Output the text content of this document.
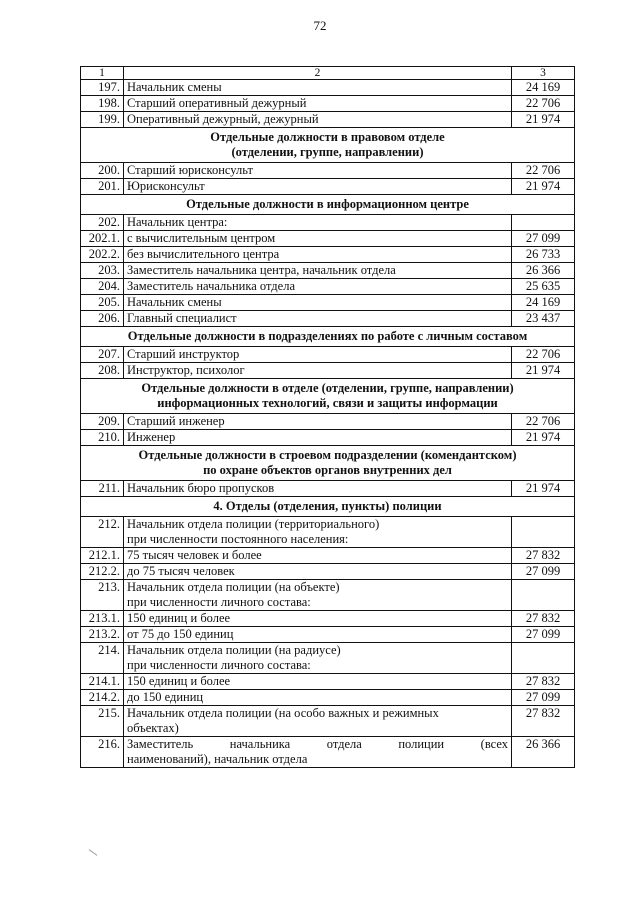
72
1	2	3
197.	Начальник смены	24 169
198.	Старший оперативный дежурный	22 706
199.	Оперативный дежурный, дежурный	21 974

Отдельные должности в правовом отделе
(отделении, группе, направлении)		

200.	Старший юрисконсульт	22 706
201.	Юрисконсульт	21 974

Отдельные должности в информационном центре		

202.	Начальник центра:	

202.1.	с вычислительным центром	27 099
202.2.	без вычислительного центра	26 733
203.	Заместитель начальника центра, начальник отдела	26 366
204.	Заместитель начальника отдела	25 635
205.	Начальник смены	24 169
206.	Главный специалист	23 437

Отдельные должности в подразделениях по работе с личным составом		

207.	Старший инструктор	22 706
208.	Инструктор, психолог	21 974

Отдельные должности в отделе (отделении, группе, направлении)
информационных технологий, связи и защиты информации		

209.	Старший инженер	22 706
210.	Инженер	21 974

Отдельные должности в строевом подразделении (комендантском)
по охране объектов органов внутренних дел		

211.	Начальник бюро пропусков	21 974

4. Отделы (отделения, пункты) полиции		

212.	Начальник отдела полиции (территориального)
при численности постоянного населения:	

212.1.	75 тысяч человек и более	27 832
212.2.	до 75 тысяч человек	27 099
213.	Начальник отдела полиции (на объекте)
при численности личного состава:	

213.1.	150 единиц и более	27 832
213.2.	от 75 до 150 единиц	27 099
214.	Начальник отдела полиции (на радиусе)
при численности личного состава:	

214.1.	150 единиц и более	27 832
214.2.	до 150 единиц	27 099
215.	Начальник отдела полиции (на особо важных и режимных
объектах)	27 832
216.	Заместитель начальника отдела полиции (всех
наименований), начальник отдела	26 366
